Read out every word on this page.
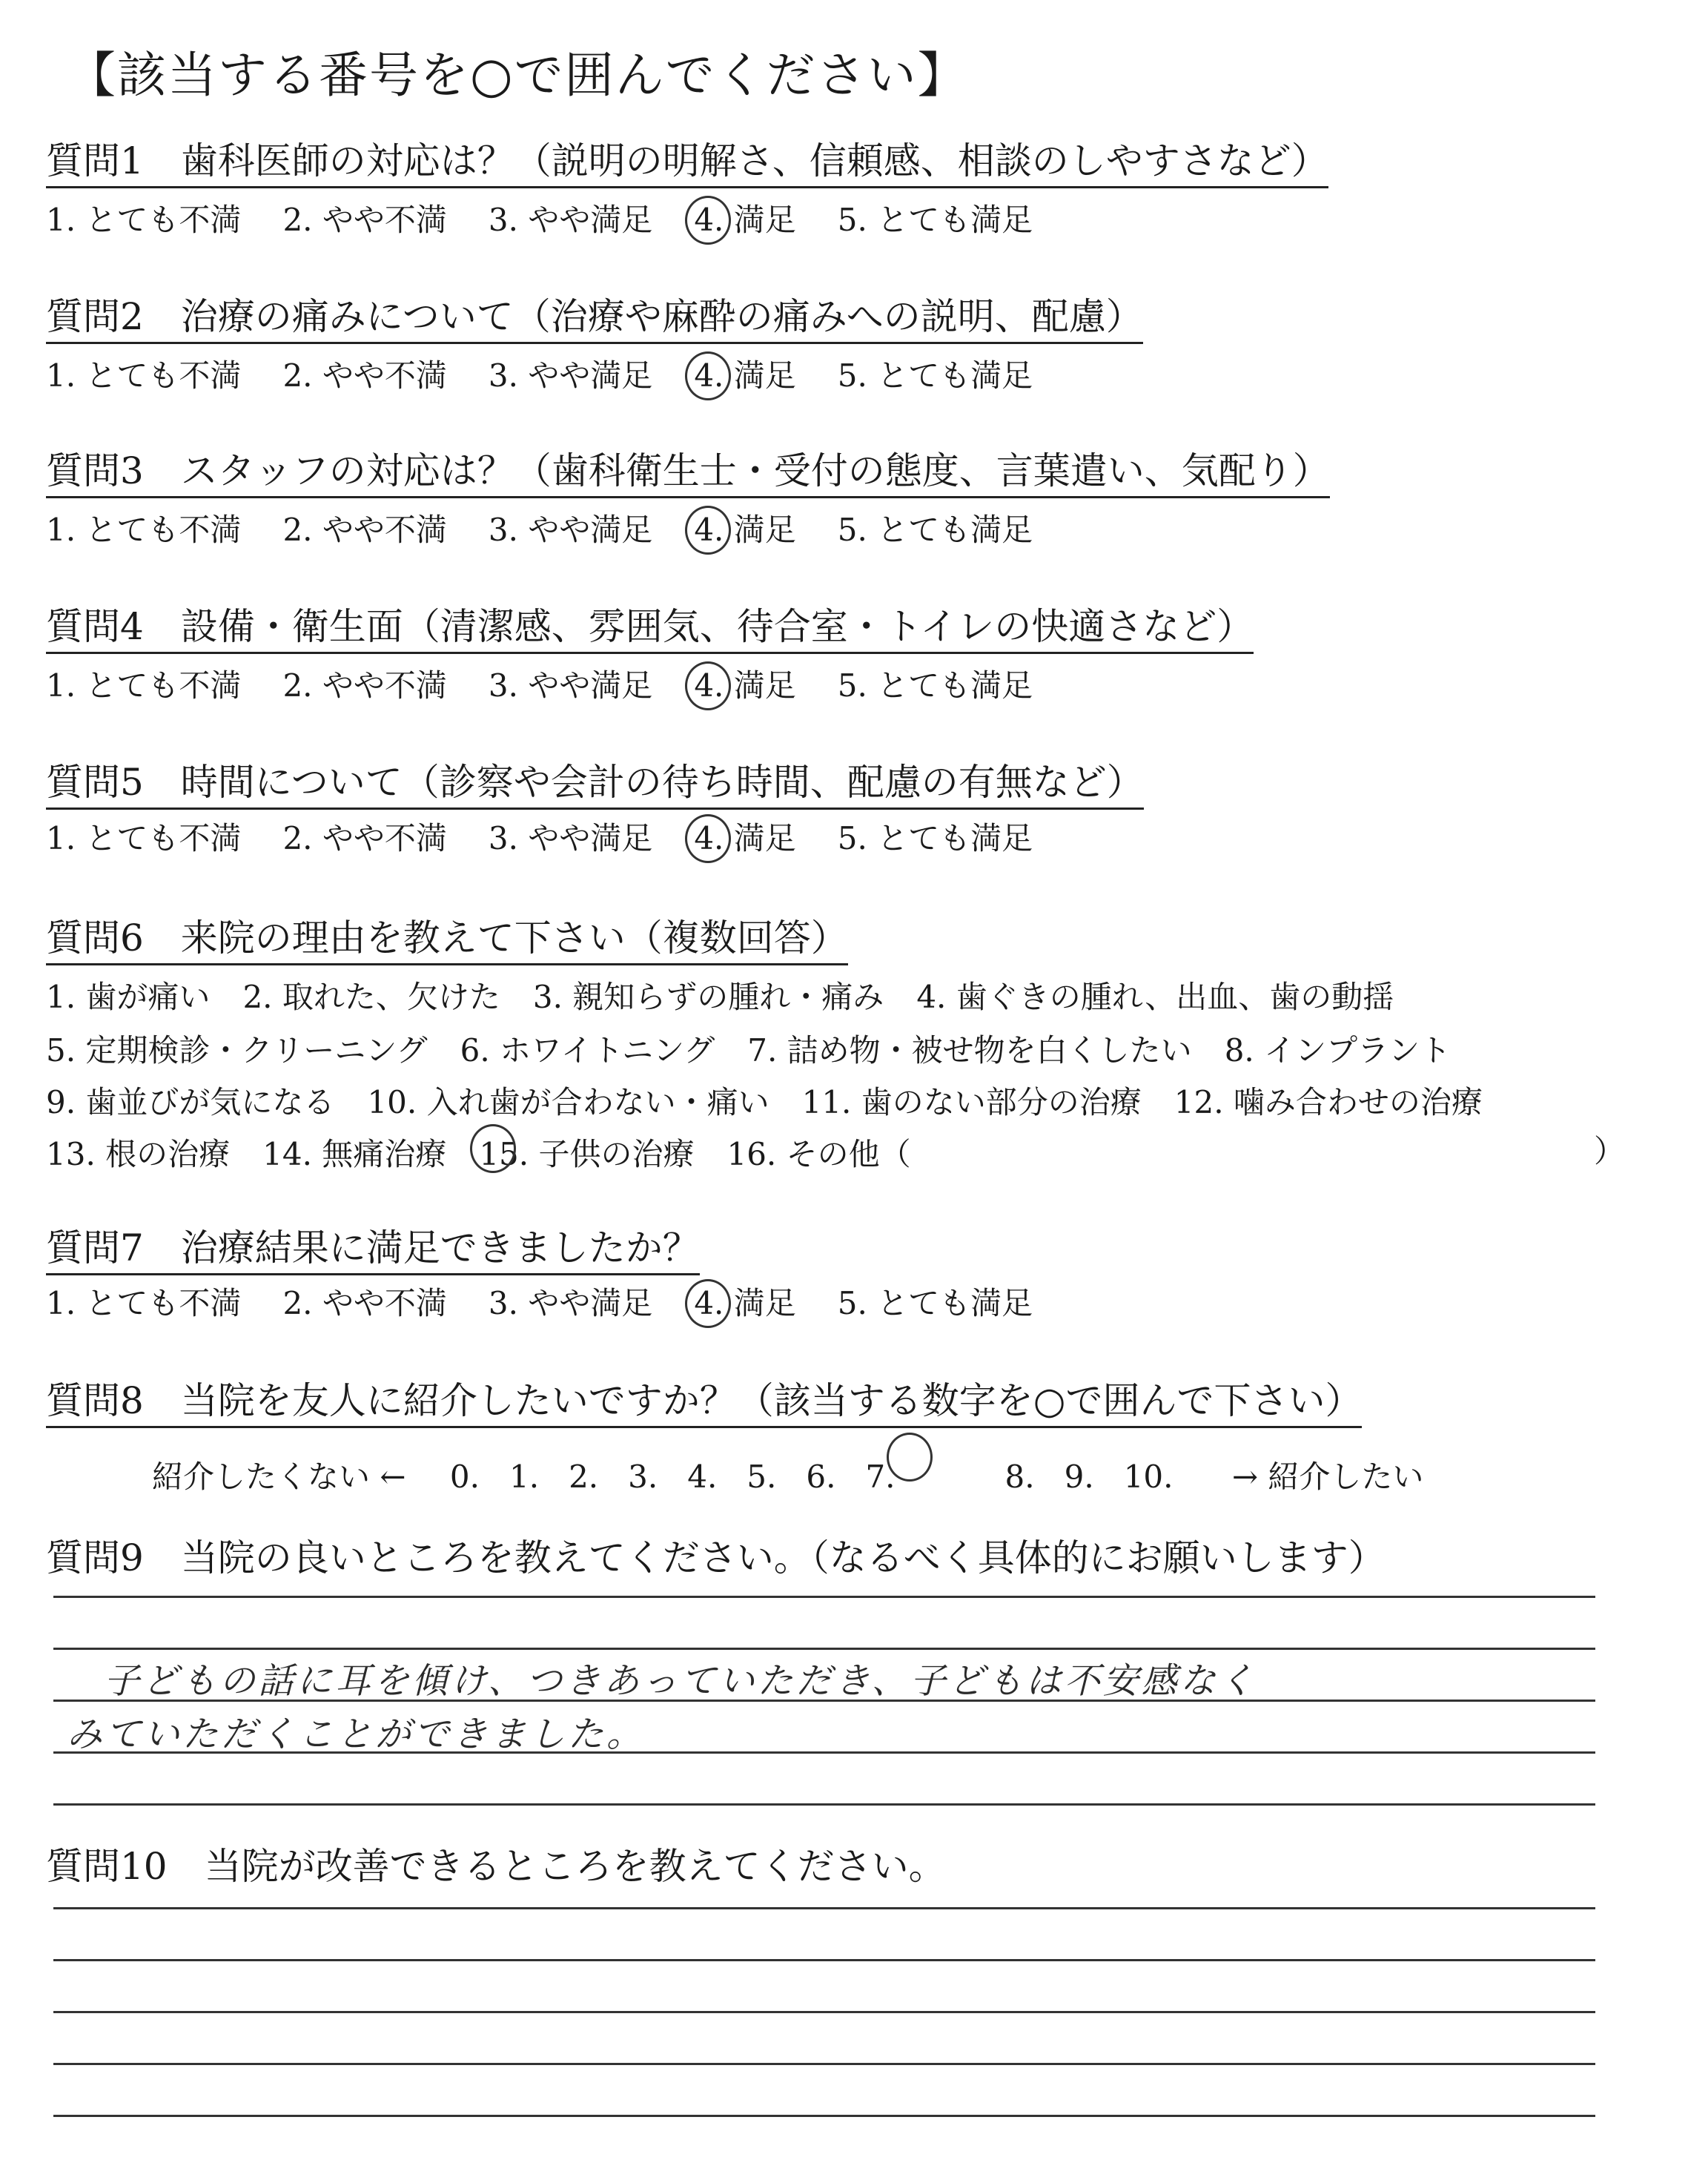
【該当する番号を○で囲んでください】
質問1　歯科医師の対応は？（説明の明解さ、信頼感、相談のしやすさなど）
1. とても不満 2. やや不満 3. やや満足 4. 満足 5. とても満足
質問2　治療の痛みについて（治療や麻酔の痛みへの説明、配慮）
1. とても不満 2. やや不満 3. やや満足 4. 満足 5. とても満足
質問3　スタッフの対応は？（歯科衛生士・受付の態度、言葉遣い、気配り）
1. とても不満 2. やや不満 3. やや満足 4. 満足 5. とても満足
質問4　設備・衛生面（清潔感、雰囲気、待合室・トイレの快適さなど）
1. とても不満 2. やや不満 3. やや満足 4. 満足 5. とても満足
質問5　時間について（診察や会計の待ち時間、配慮の有無など）
1. とても不満 2. やや不満 3. やや満足 4. 満足 5. とても満足
質問6　来院の理由を教えて下さい（複数回答）
1. 歯が痛い 2. 取れた、欠けた 3. 親知らずの腫れ・痛み 4. 歯ぐきの腫れ、出血、歯の動揺
5. 定期検診・クリーニング 6. ホワイトニング 7. 詰め物・被せ物を白くしたい 8. インプラント
9. 歯並びが気になる 10. 入れ歯が合わない・痛い 11. 歯のない部分の治療 12. 噛み合わせの治療
13. 根の治療 14. 無痛治療 15. 子供の治療 16. その他（	）
質問7　治療結果に満足できましたか？
1. とても不満 2. やや不満 3. やや満足 4. 満足 5. とても満足
質問8　当院を友人に紹介したいですか？（該当する数字を○で囲んで下さい）
紹介したくない ← 0. 1. 2. 3. 4. 5. 6. 7.	8. 9. 10. → 紹介したい
質問9　当院の良いところを教えてください。（なるべく具体的にお願いします）
子どもの話に耳を傾け、つきあっていただき、子どもは不安感なく
みていただくことができました。
質問10　当院が改善できるところを教えてください。
